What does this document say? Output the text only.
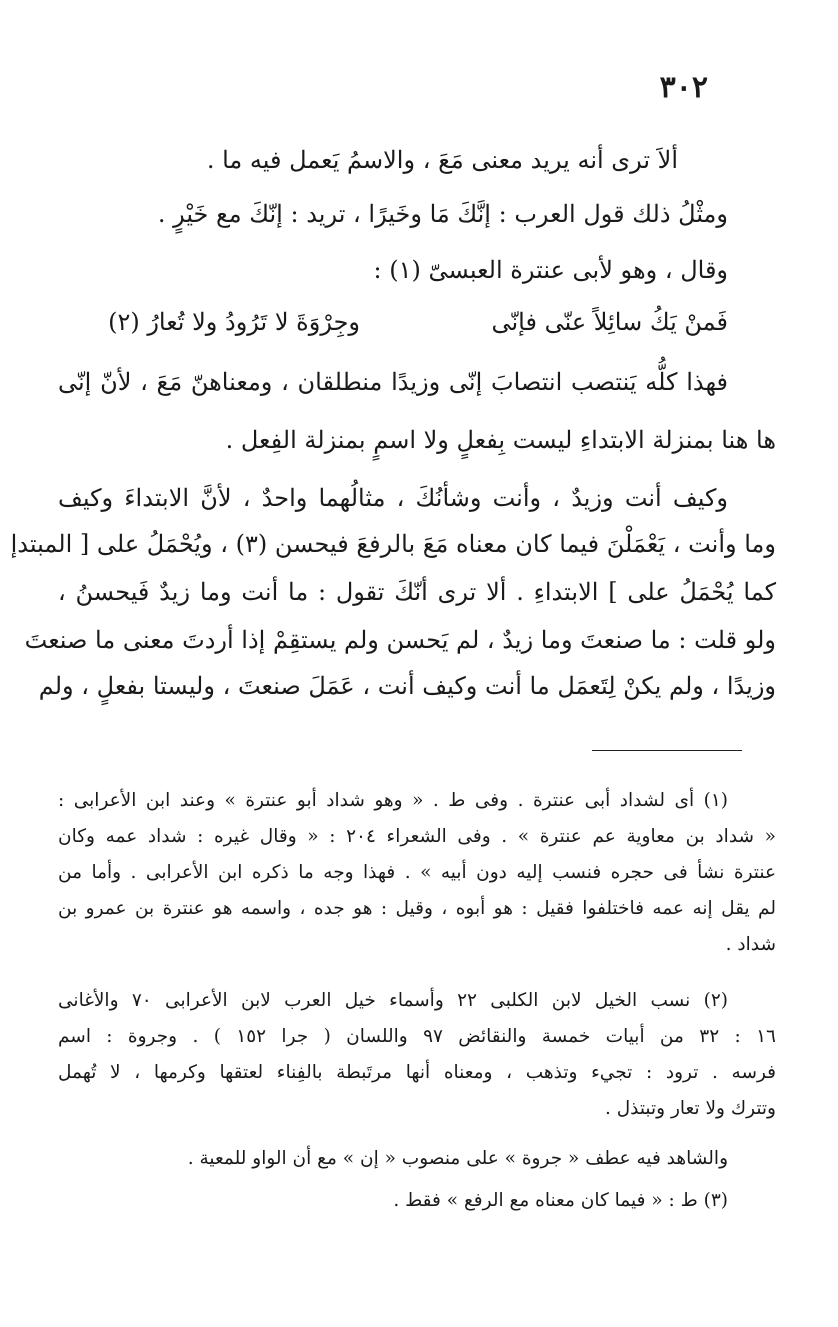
٣٠٢

ألاَ ترى أنه يريد معنى مَعَ ، والاسمُ يَعمل فيه ما .

ومثْلُ ذلك قول العرب : إنَّكَ مَا وخَيرًا ، تريد : إنّكَ مع خَيْرٍ .

وقال ، وهو لأبى عنترة العبسىّ (١) :

فَمنْ يَكُ سائِلاً عنّى فإنّى

وجِرْوَةَ لا تَرُودُ ولا تُعارُ (٢)

فهذا كلُّه يَنتصب انتصابَ إنّى وزيدًا منطلقان ، ومعناهنّ مَعَ ، لأنّ إنّى

ها هنا بمنزلة الابتداءِ ليست بِفعلٍ ولا اسمٍ بمنزلة الفِعل .

وكيف أنت وزيدٌ ، وأنت وشأنُكَ ، مثالُهما واحدٌ ، لأنَّ الابتداءَ وكيف

وما وأنت ، يَعْمَلْنَ فيما كان معناه مَعَ بالرفعَ فيحسن (٣) ، ويُحْمَلُ على [ المبتدإ

كما يُحْمَلُ على ] الابتداءِ . ألا ترى أنّكَ تقول : ما أنت وما زيدٌ فَيحسنُ ،

ولو قلت : ما صنعتَ وما زيدٌ ، لم يَحسن ولم يستقِمْ إذا أردتَ معنى ما صنعتَ

وزيدًا ، ولم يكنْ لِتَعمَل ما أنت وكيف أنت ، عَمَلَ صنعتَ ، وليستا بفعلٍ ، ولم

(١) أى لشداد أبى عنترة . وفى ط . « وهو شداد أبو عنترة » وعند ابن الأعرابى :

« شداد بن معاوية عم عنترة » . وفى الشعراء ٢٠٤ : « وقال غيره : شداد عمه وكان

عنترة نشأ فى حجره فنسب إليه دون أبيه » . فهذا وجه ما ذكره ابن الأعرابى . وأما من

لم يقل إنه عمه فاختلفوا فقيل : هو أبوه ، وقيل : هو جده ، واسمه هو عنترة بن عمرو بن

شداد .

(٢) نسب الخيل لابن الكلبى ٢٢ وأسماء خيل العرب لابن الأعرابى ٧٠ والأغانى

١٦ : ٣٢ من أبيات خمسة والنقائض ٩٧ واللسان ( جرا ١٥٢ ) . وجروة : اسم

فرسه . ترود : تجيء وتذهب ، ومعناه أنها مرتَبطة بالفِناء لعتقها وكرمها ، لا تُهمل

وتترك ولا تعار وتبتذل .

والشاهد فيه عطف « جروة » على منصوب « إن » مع أن الواو للمعية .

(٣) ط : « فيما كان معناه مع الرفع » فقط .
